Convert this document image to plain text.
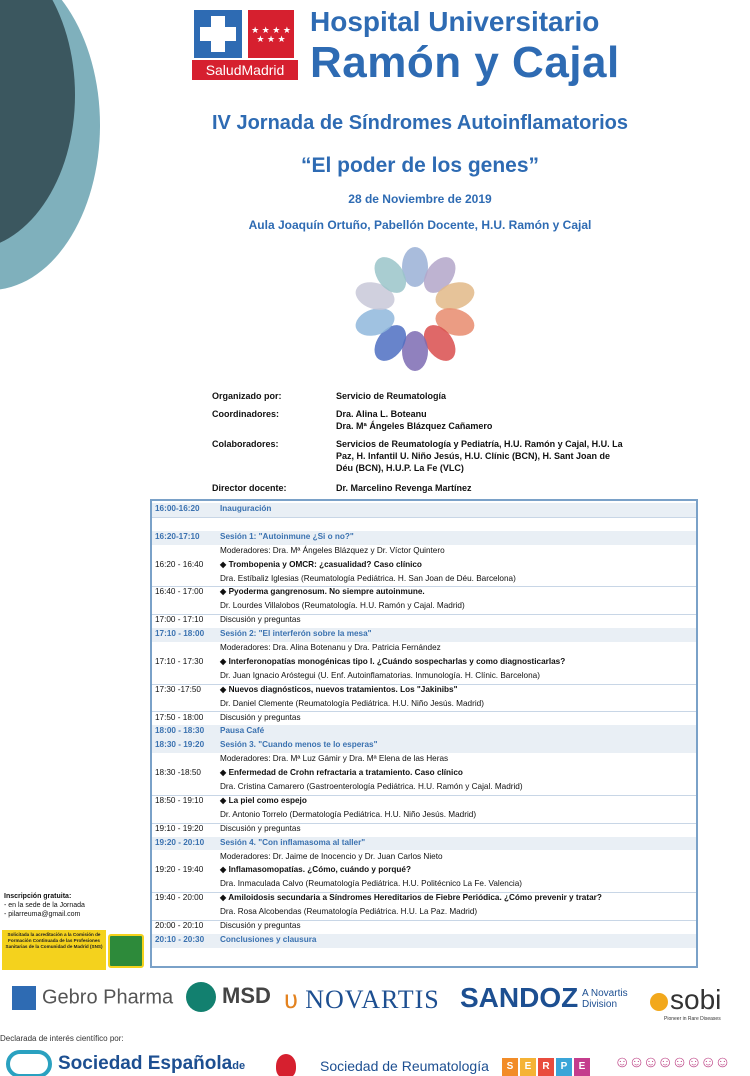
★ ★ ★ ★ ★ ★ ★
SaludMadrid
Hospital Universitario
Ramón y Cajal
IV Jornada de Síndromes Autoinflamatorios
“El poder de los genes”
28 de Noviembre de 2019
Aula Joaquín Ortuño, Pabellón Docente, H.U. Ramón y Cajal
Organizado por:	Servicio de Reumatología
Coordinadores:	Dra. Alina L. Boteanu
Dra. Mª Ángeles Blázquez Cañamero
Colaboradores:	Servicios de Reumatología y Pediatría, H.U. Ramón y Cajal, H.U. La Paz, H. Infantil U. Niño Jesús, H.U. Clínic (BCN), H. Sant Joan de Déu (BCN), H.U.P. La Fe (VLC)
Director docente:	Dr. Marcelino Revenga Martínez
16:00-16:20 Inauguración
16:20-17:10 Sesión 1: "Autoinmune ¿Si o no?"
Moderadores: Dra. Mª Ángeles Blázquez y Dr. Víctor Quintero
16:20 - 16:40 ◆ Trombopenia y OMCR: ¿casualidad? Caso clínico
Dra. Estíbaliz Iglesias (Reumatología Pediátrica. H. San Joan de Déu. Barcelona)
16:40 - 17:00 ◆ Pyoderma gangrenosum. No siempre autoinmune.
Dr. Lourdes Villalobos (Reumatología. H.U. Ramón y Cajal. Madrid)
17:00 - 17:10 Discusión y preguntas
17:10 - 18:00 Sesión 2: "El interferón sobre la mesa"
Moderadores: Dra. Alina Botenanu y Dra. Patricia Fernández
17:10 - 17:30 ◆ Interferonopatías monogénicas tipo I. ¿Cuándo sospecharlas y como diagnosticarlas?
Dr. Juan Ignacio Aróstegui (U. Enf. Autoinflamatorias. Inmunología. H. Clínic. Barcelona)
17:30 -17:50 ◆ Nuevos diagnósticos, nuevos tratamientos. Los "Jakinibs"
Dr. Daniel Clemente (Reumatología Pediátrica. H.U. Niño Jesús. Madrid)
17:50 - 18:00 Discusión y preguntas
18:00 - 18:30 Pausa Café
18:30 - 19:20 Sesión 3. "Cuando menos te lo esperas"
Moderadores: Dra. Mª Luz Gámir y Dra. Mª Elena de las Heras
18:30 -18:50 ◆ Enfermedad de Crohn refractaria a tratamiento. Caso clínico
Dra. Cristina Camarero (Gastroenterología Pediátrica. H.U. Ramón y Cajal. Madrid)
18:50 - 19:10 ◆ La piel como espejo
Dr. Antonio Torrelo (Dermatología Pediátrica. H.U. Niño Jesús. Madrid)
19:10 - 19:20 Discusión y preguntas
19:20 - 20:10 Sesión 4. "Con inflamasoma al taller"
Moderadores: Dr. Jaime de Inocencio y Dr. Juan Carlos Nieto
19:20 - 19:40 ◆ Inflamasomopatías. ¿Cómo, cuándo y porqué?
Dra. Inmaculada Calvo (Reumatología Pediátrica. H.U. Politécnico La Fe. Valencia)
19:40 - 20:00 ◆ Amiloidosis secundaria a Síndromes Hereditarios de Fiebre Periódica. ¿Cómo prevenir y tratar?
Dra. Rosa Alcobendas (Reumatología Pediátrica. H.U. La Paz. Madrid)
20:00 - 20:10 Discusión y preguntas
20:10 - 20:30 Conclusiones y clausura
Inscripción gratuita:
- en la sede de la Jornada
- pilarreuma@gmail.com
Solicitada la acreditación a la Comisión de Formación Continuada de las Profesiones Sanitarias de la Comunidad de Madrid (SNS)
Gebro Pharma	MSD ʋ NOVARTIS SANDOZ A Novartis
Division	sobi
Pioneer in Rare Diseases
Declarada de interés científico por:
Sociedad Españolade	Sociedad de Reumatología	S E R P E	☺☺☺☺☺☺☺☺
